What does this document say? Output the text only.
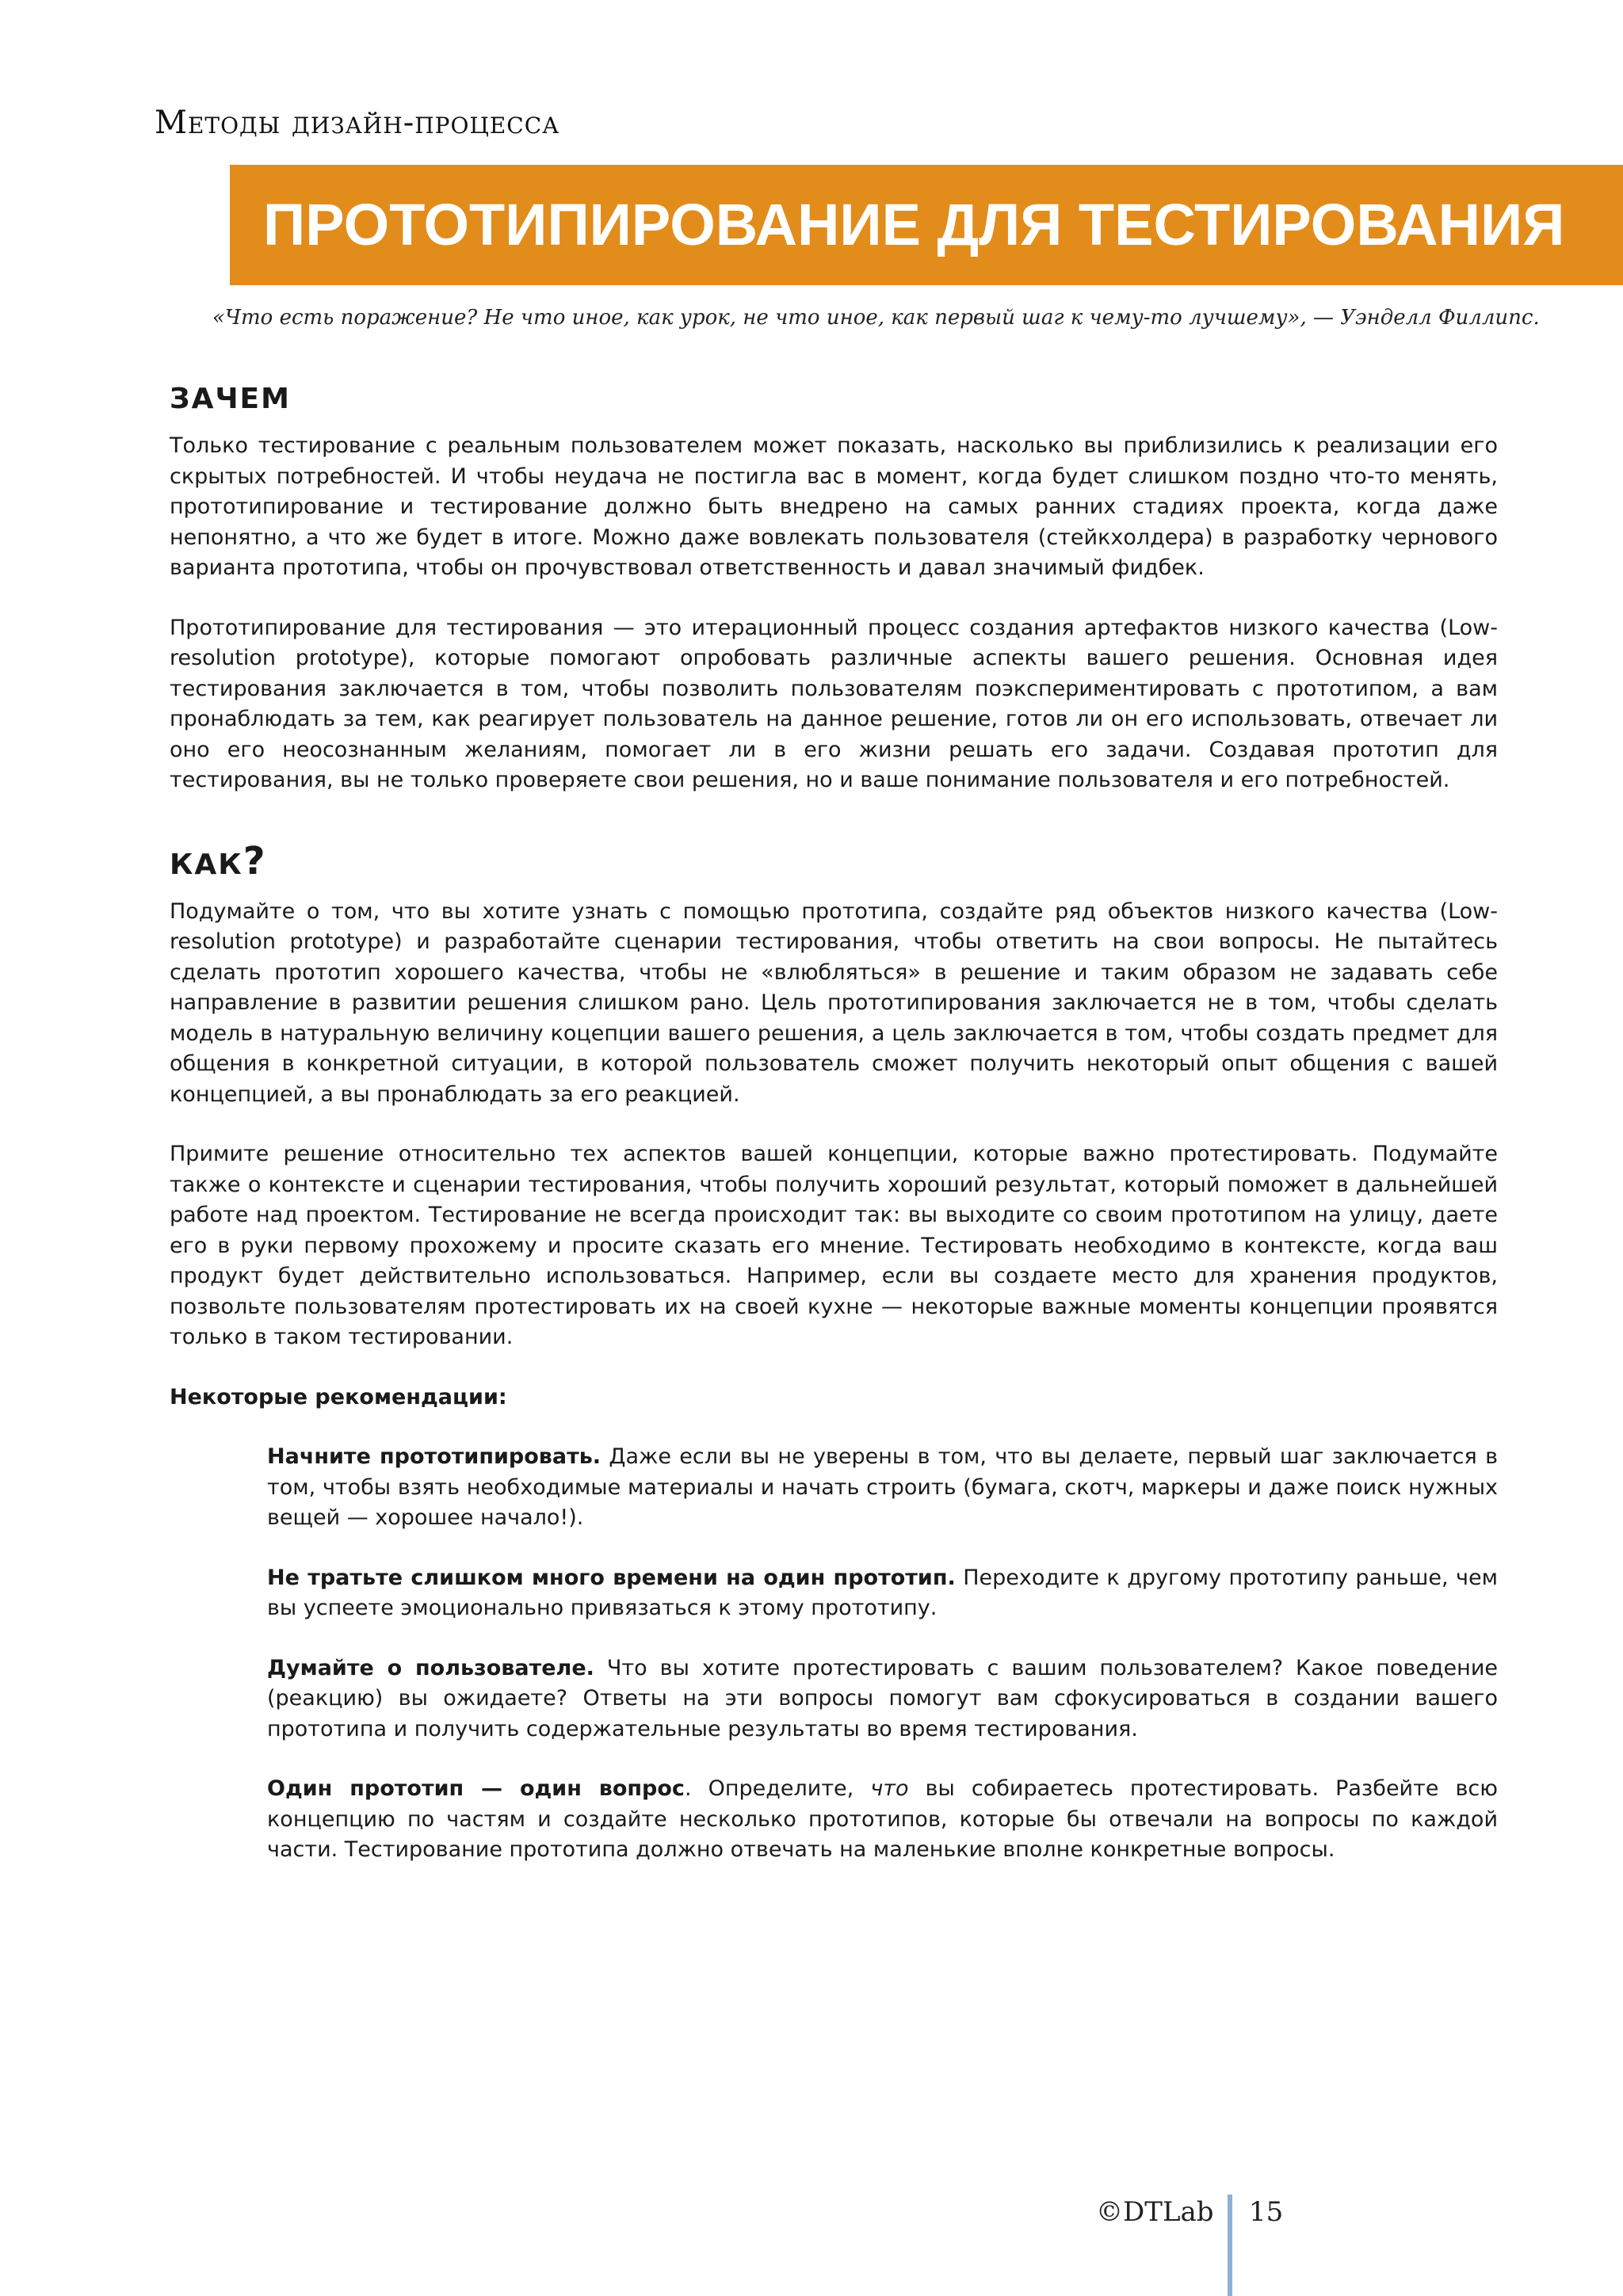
Методы дизайн-процесса
ПРОТОТИПИРОВАНИЕ ДЛЯ ТЕСТИРОВАНИЯ
«Что есть поражение? Не что иное, как урок, не что иное, как первый шаг к чему-то лучшему», — Уэнделл Филлипс.
ЗАЧЕМ

Только тестирование с реальным пользователем может показать, насколько вы приблизились к реализации его скрытых потребностей. И чтобы неудача не постигла вас в момент, когда будет слишком поздно что-то менять, прототипирование и тестирование должно быть внедрено на самых ранних стадиях проекта, когда даже непонятно, а что же будет в итоге. Можно даже вовлекать пользователя (стейкхолдера) в разработку чернового варианта прототипа, чтобы он прочувствовал ответственность и давал значимый фидбек.

Прототипирование для тестирования — это итерационный процесс создания артефактов низкого качества (Low-resolution prototype), которые помогают опробовать различные аспекты вашего решения. Основная идея тестирования заключается в том, чтобы позволить пользователям поэкспериментировать с прототипом, а вам пронаблюдать за тем, как реагирует пользователь на данное решение, готов ли он его использовать, отвечает ли оно его неосознанным желаниям, помогает ли в его жизни решать его задачи. Создавая прототип для тестирования, вы не только проверяете свои решения, но и ваше понимание пользователя и его потребностей.

КАК?

Подумайте о том, что вы хотите узнать с помощью прототипа, создайте ряд объектов низкого качества (Low-resolution prototype) и разработайте сценарии тестирования, чтобы ответить на свои вопросы. Не пытайтесь сделать прототип хорошего качества, чтобы не «влюбляться» в решение и таким образом не задавать себе направление в развитии решения слишком рано. Цель прототипирования заключается не в том, чтобы сделать модель в натуральную величину коцепции вашего решения, а цель заключается в том, чтобы создать предмет для общения в конкретной ситуации, в которой пользователь сможет получить некоторый опыт общения с вашей концепцией, а вы пронаблюдать за его реакцией.

Примите решение относительно тех аспектов вашей концепции, которые важно протестировать. Подумайте также о контексте и сценарии тестирования, чтобы получить хороший результат, который поможет в дальнейшей работе над проектом. Тестирование не всегда происходит так: вы выходите со своим прототипом на улицу, даете его в руки первому прохожему и просите сказать его мнение. Тестировать необходимо в контексте, когда ваш продукт будет действительно использоваться. Например, если вы создаете место для хранения продуктов, позвольте пользователям протестировать их на своей кухне — некоторые важные моменты концепции проявятся только в таком тестировании.

Некоторые рекомендации:

Начните прототипировать. Даже если вы не уверены в том, что вы делаете, первый шаг заключается в том, чтобы взять необходимые материалы и начать строить (бумага, скотч, маркеры и даже поиск нужных вещей — хорошее начало!).

Не тратьте слишком много времени на один прототип. Переходите к другому прототипу раньше, чем вы успеете эмоционально привязаться к этому прототипу.

Думайте о пользователе. Что вы хотите протестировать с вашим пользователем? Какое поведение (реакцию) вы ожидаете? Ответы на эти вопросы помогут вам сфокусироваться в создании вашего прототипа и получить содержательные результаты во время тестирования.

Один прототип — один вопрос. Определите, что вы собираетесь протестировать. Разбейте всю концепцию по частям и создайте несколько прототипов, которые бы отвечали на вопросы по каждой части. Тестирование прототипа должно отвечать на маленькие вполне конкретные вопросы.

©DTLab 15
